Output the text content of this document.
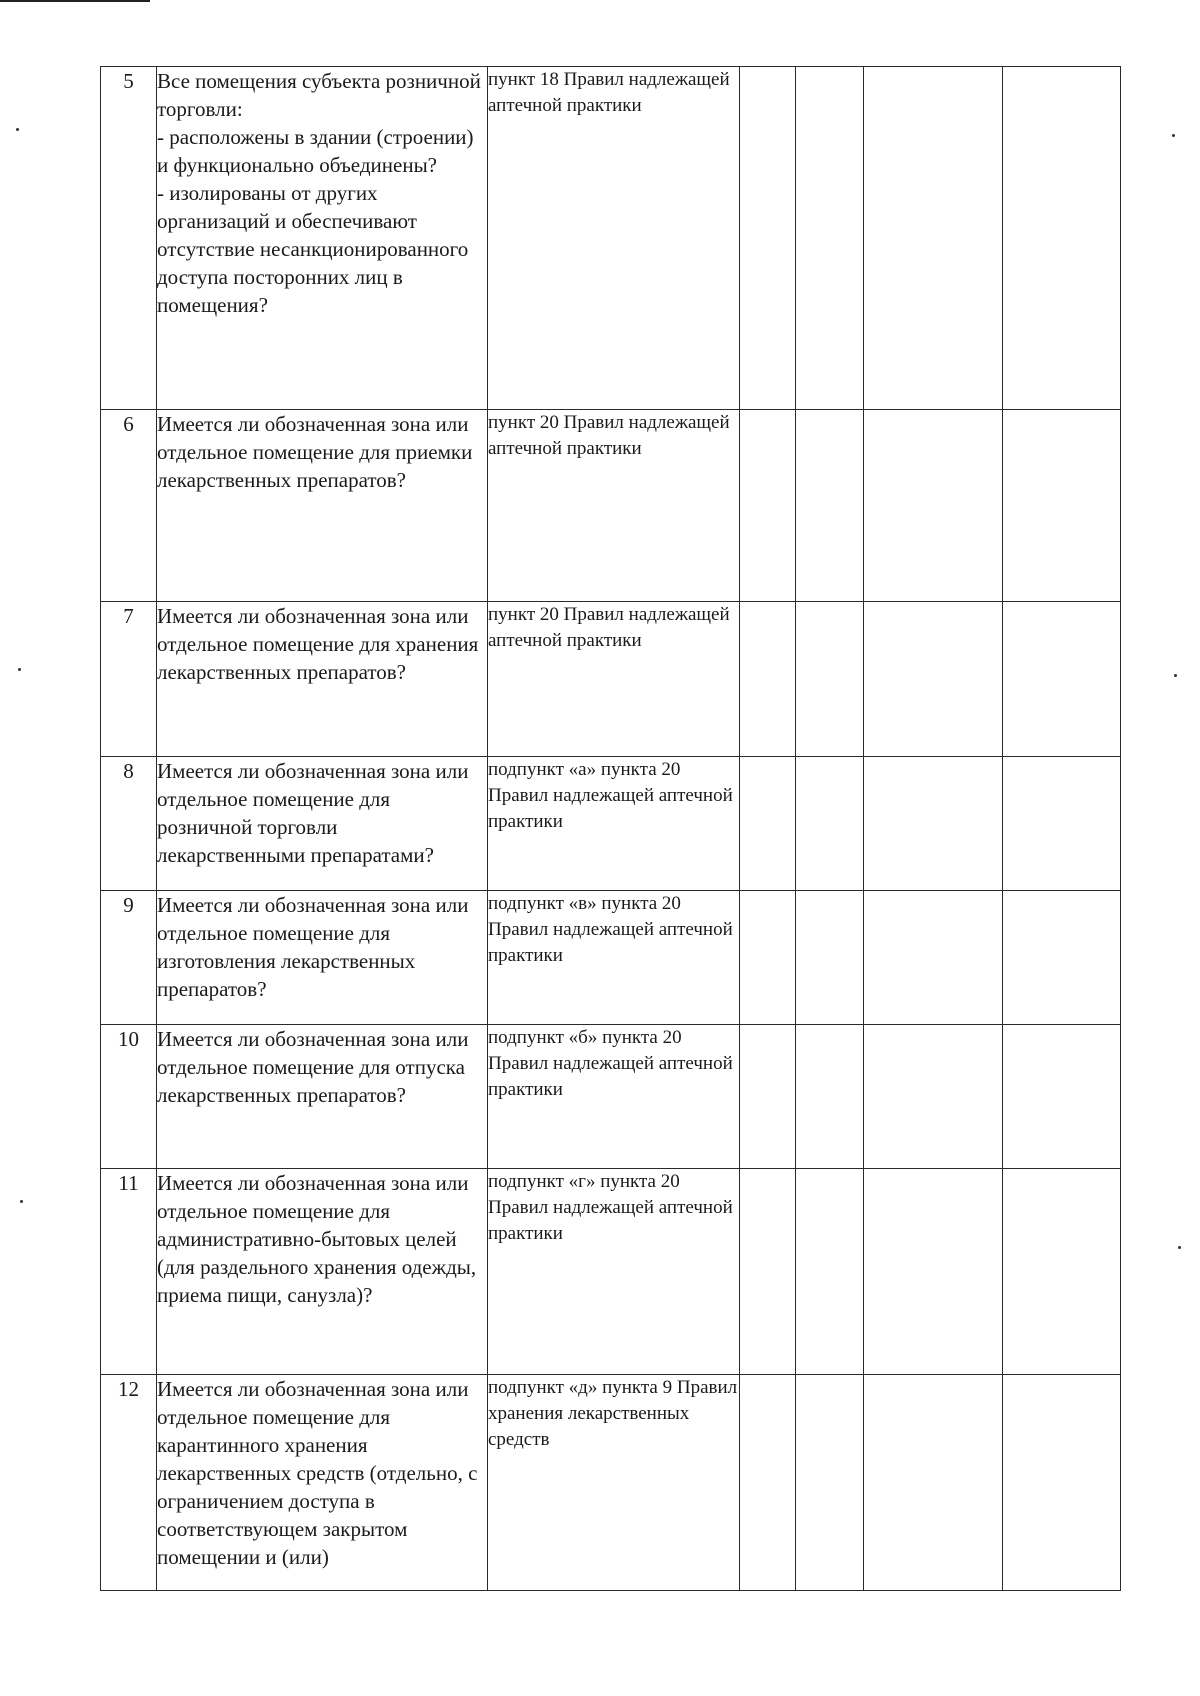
5	Все помещения субъекта розничной торговли:
- расположены в здании (строении) и функционально объединены?
- изолированы от других организаций и обеспечивают отсутствие несанкционированного доступа посторонних лиц в помещения?	пункт 18 Правил надлежащей аптечной практики				
6	Имеется ли обозначенная зона или отдельное помещение для приемки лекарственных препаратов?	пункт 20 Правил надлежащей аптечной практики				
7	Имеется ли обозначенная зона или отдельное помещение для хранения лекарственных препаратов?	пункт 20 Правил надлежащей аптечной практики				
8	Имеется ли обозначенная зона или отдельное помещение для розничной торговли лекарственными препаратами?	подпункт «а» пункта 20 Правил надлежащей аптечной практики				
9	Имеется ли обозначенная зона или отдельное помещение для изготовления лекарственных препаратов?	подпункт «в» пункта 20 Правил надлежащей аптечной практики				
10	Имеется ли обозначенная зона или отдельное помещение для отпуска лекарственных препаратов?	подпункт «б» пункта 20 Правил надлежащей аптечной практики				
11	Имеется ли обозначенная зона или отдельное помещение для административно-бытовых целей (для раздельного хранения одежды, приема пищи, санузла)?	подпункт «г» пункта 20 Правил надлежащей аптечной практики				
12	Имеется ли обозначенная зона или отдельное помещение для карантинного хранения лекарственных средств (отдельно, с ограничением доступа в соответствующем закрытом помещении и (или)	подпункт «д» пункта 9 Правил хранения лекарственных средств				
